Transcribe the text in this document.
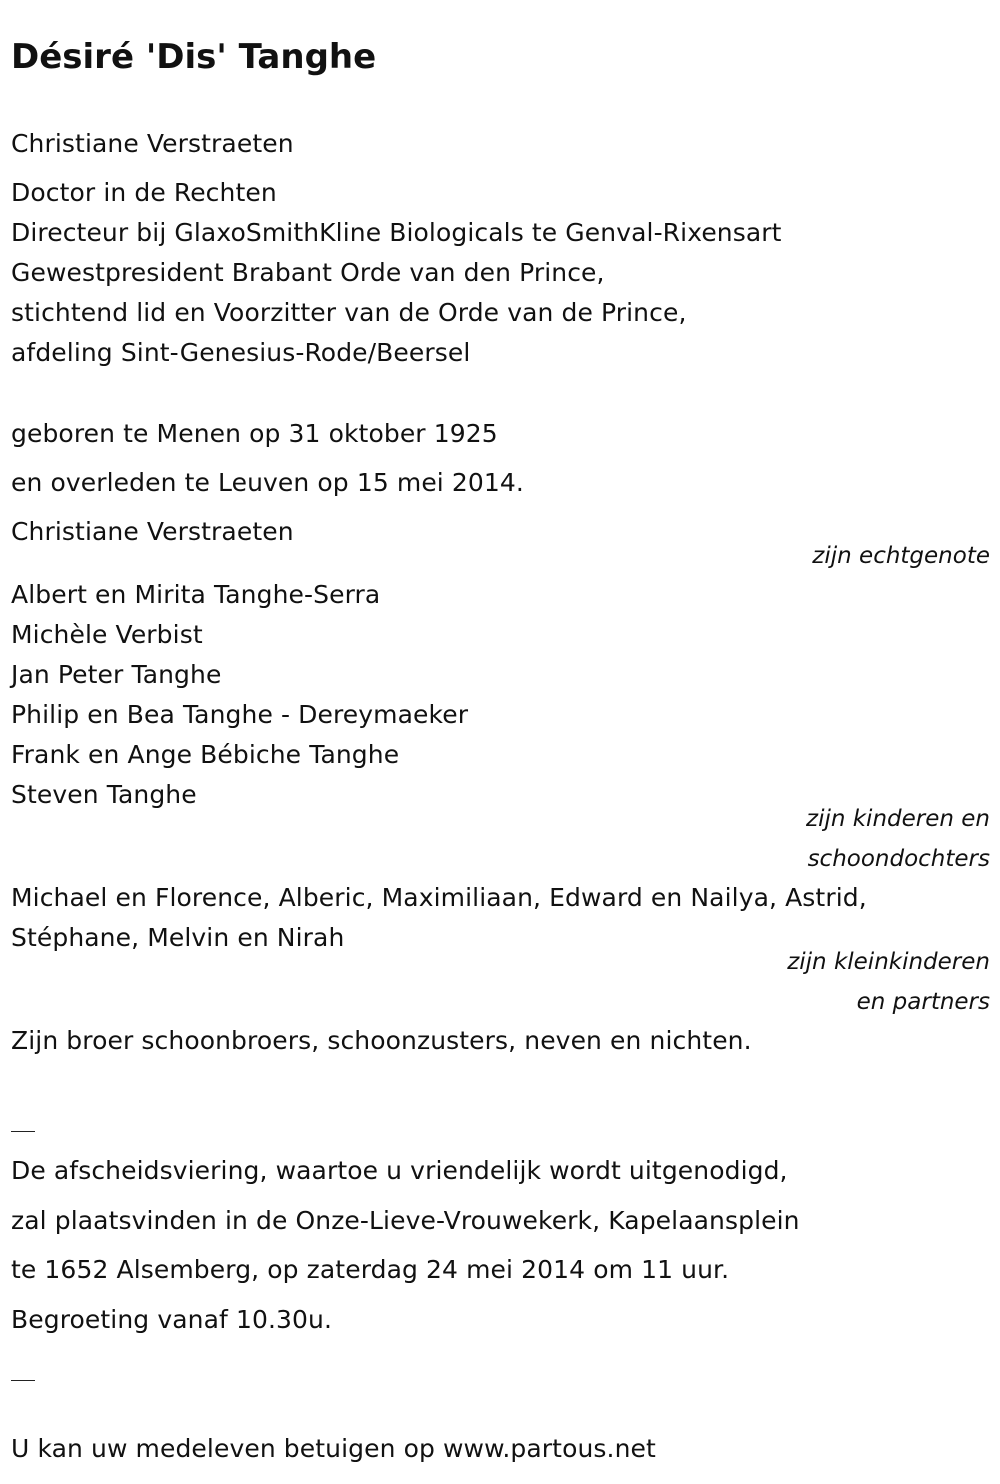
Désiré 'Dis' Tanghe
Christiane Verstraeten
Doctor in de Rechten
Directeur bij GlaxoSmithKline Biologicals te Genval-Rixensart
Gewestpresident Brabant Orde van den Prince,
stichtend lid en Voorzitter van de Orde van de Prince,
afdeling Sint-Genesius-Rode/Beersel
geboren te Menen op 31 oktober 1925
en overleden te Leuven op 15 mei 2014.
Christiane Verstraeten
zijn echtgenote
Albert en Mirita Tanghe-Serra
Michèle Verbist
Jan Peter Tanghe
Philip en Bea Tanghe - Dereymaeker
Frank en Ange Bébiche Tanghe
Steven Tanghe
zijn kinderen en
schoondochters
Michael en Florence, Alberic, Maximiliaan, Edward en Nailya, Astrid,
Stéphane, Melvin en Nirah
zijn kleinkinderen
en partners
Zijn broer schoonbroers, schoonzusters, neven en nichten.
De afscheidsviering, waartoe u vriendelijk wordt uitgenodigd,
zal plaatsvinden in de Onze-Lieve-Vrouwekerk, Kapelaansplein
te 1652 Alsemberg, op zaterdag 24 mei 2014 om 11 uur.
Begroeting vanaf 10.30u.
U kan uw medeleven betuigen op www.partous.net
